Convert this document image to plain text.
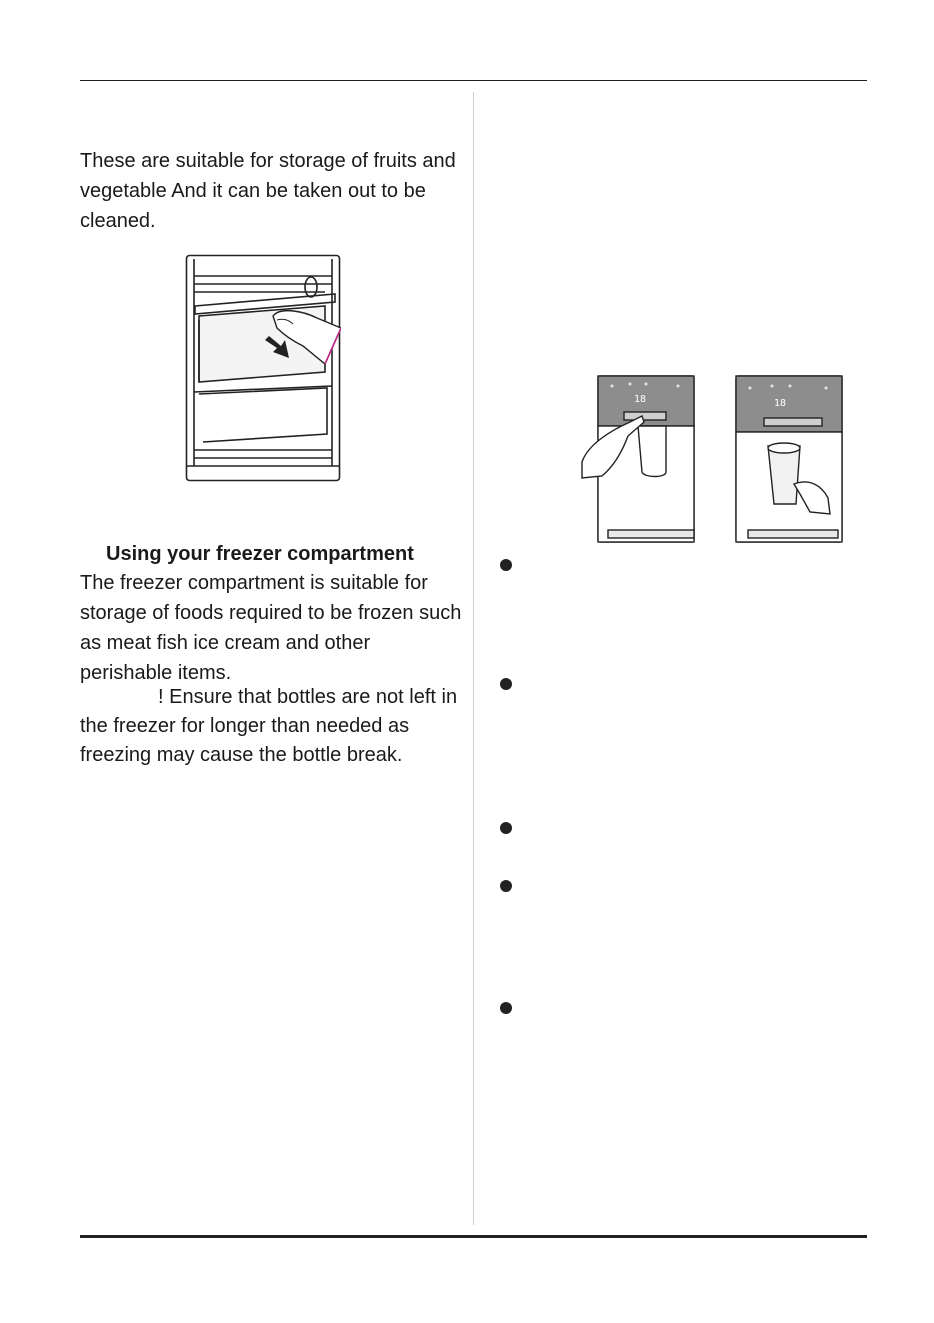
These are suitable for storage of fruits and vegetable And it can be taken out to be cleaned.

Using your freezer compartment

The freezer compartment is suitable for storage of foods required to be frozen such as meat fish ice cream and other perishable items.

! Ensure that bottles are not left in the freezer for longer than needed as freezing may cause the bottle break.

18	18
